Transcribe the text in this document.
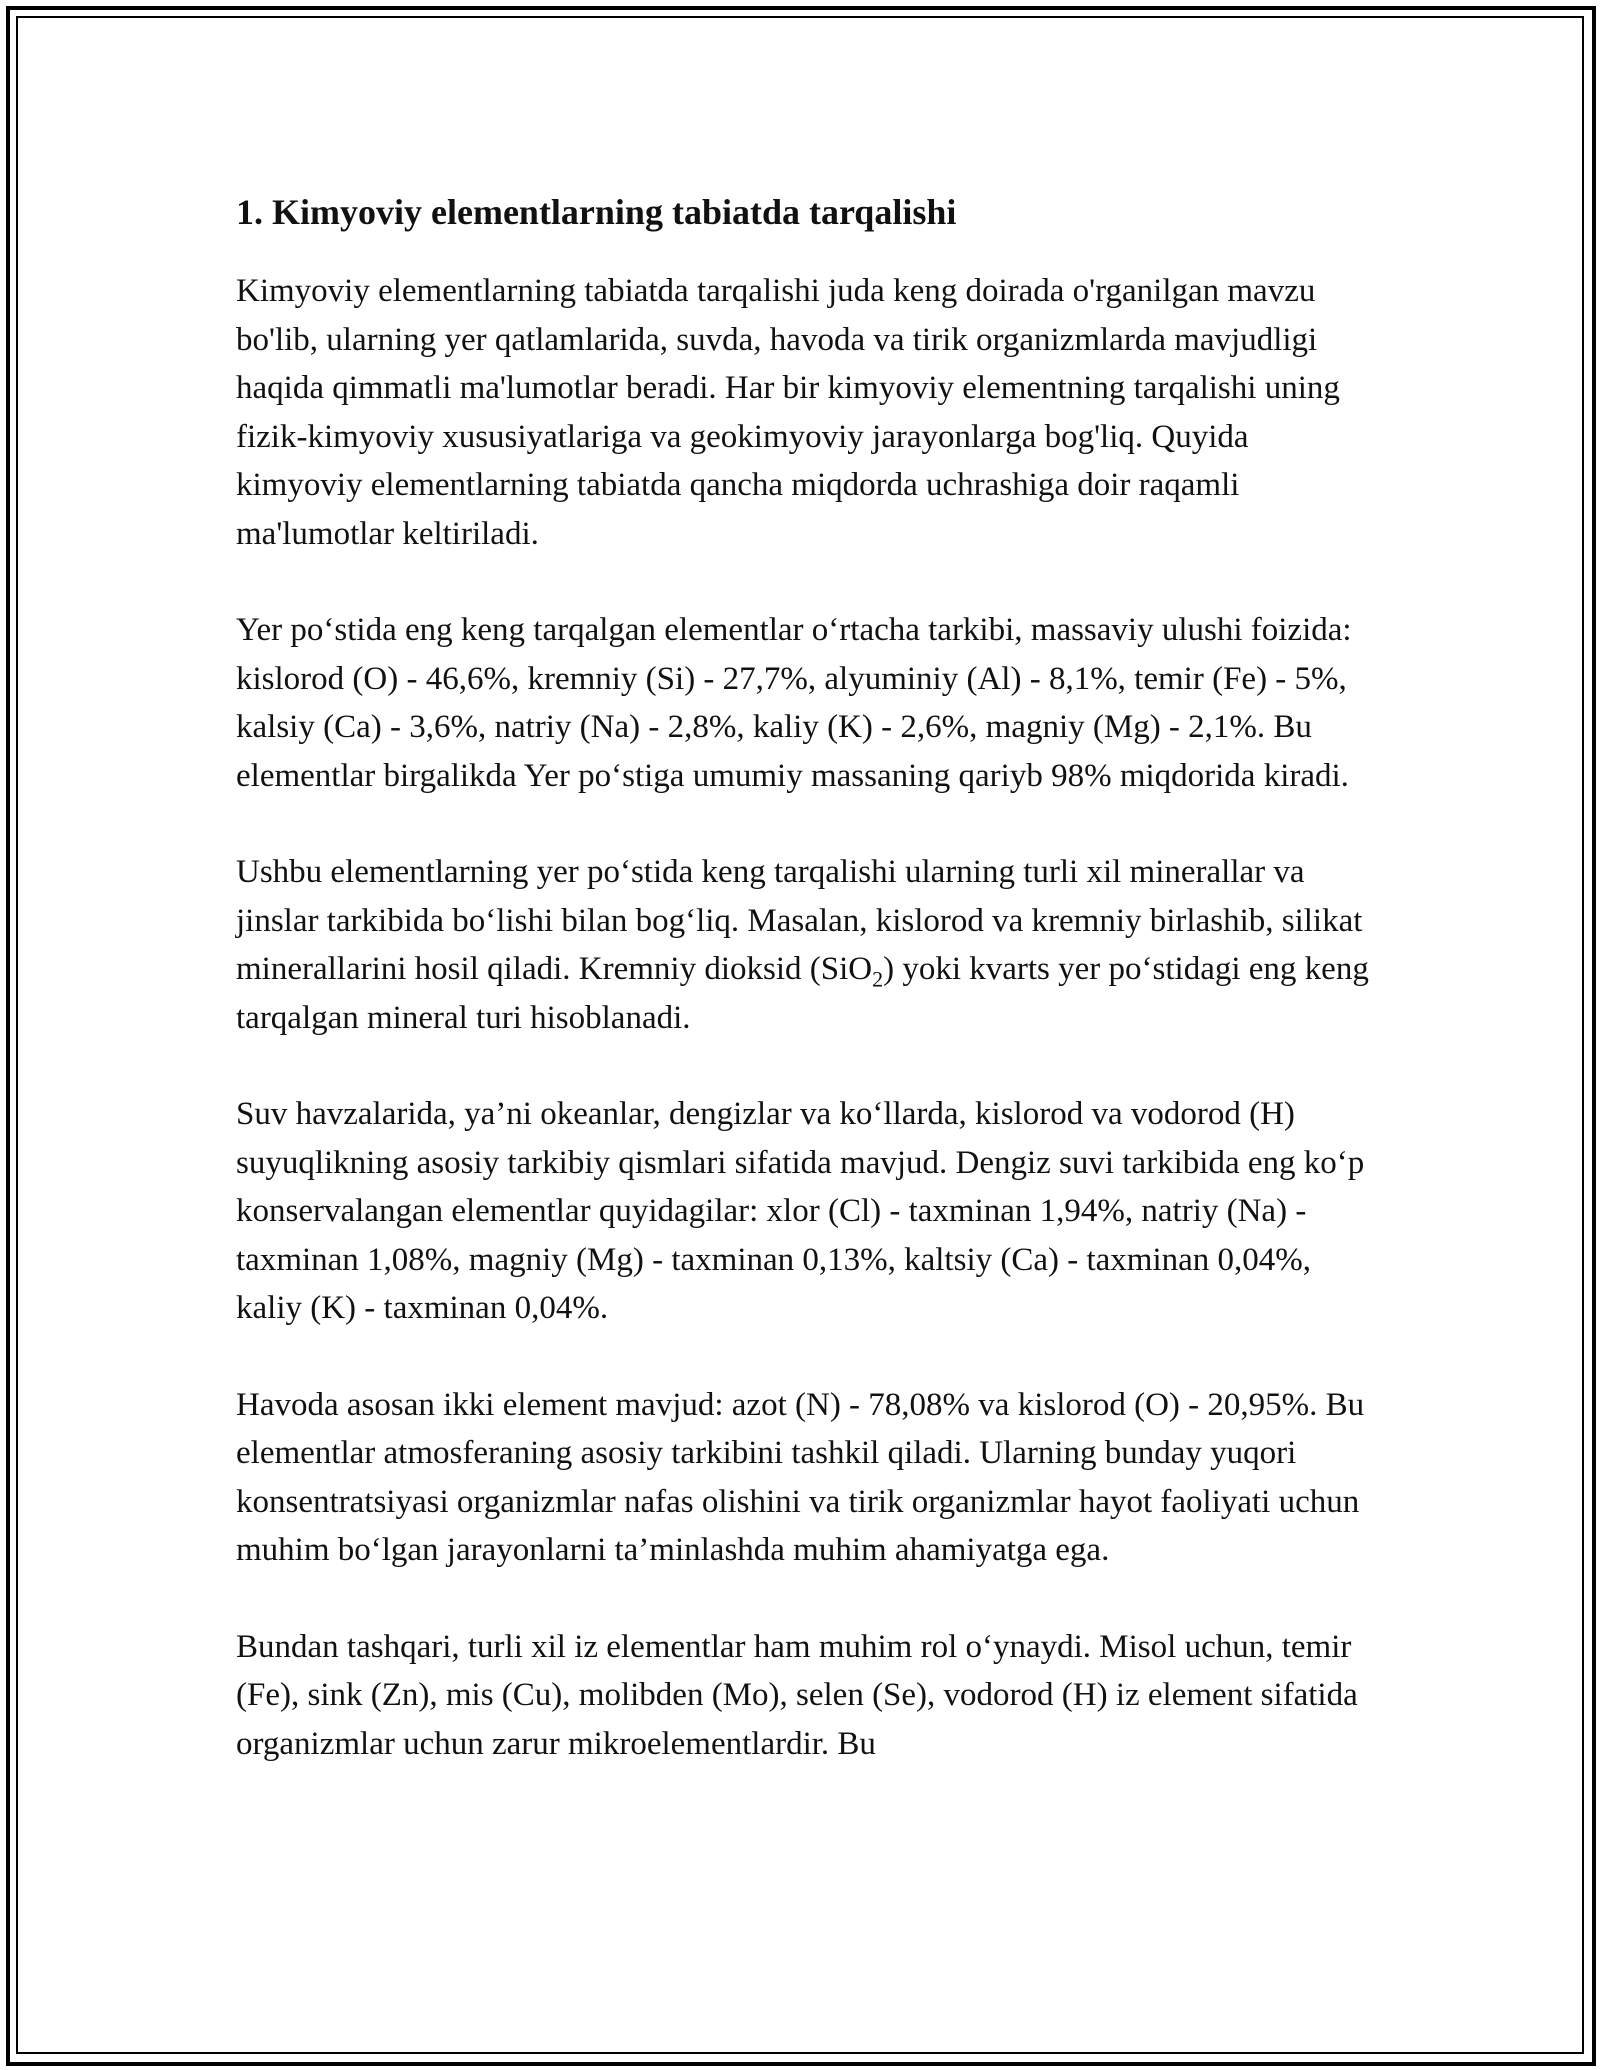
1. Kimyoviy elementlarning tabiatda tarqalishi

Kimyoviy elementlarning tabiatda tarqalishi juda keng doirada o'rganilgan mavzu bo'lib, ularning yer qatlamlarida, suvda, havoda va tirik organizmlarda mavjudligi haqida qimmatli ma'lumotlar beradi. Har bir kimyoviy elementning tarqalishi uning fizik-kimyoviy xususiyatlariga va geokimyoviy jarayonlarga bog'liq. Quyida kimyoviy elementlarning tabiatda qancha miqdorda uchrashiga doir raqamli ma'lumotlar keltiriladi.

Yer po‘stida eng keng tarqalgan elementlar o‘rtacha tarkibi, massaviy ulushi foizida: kislorod (O) - 46,6%, kremniy (Si) - 27,7%, alyuminiy (Al) - 8,1%, temir (Fe) - 5%, kalsiy (Ca) - 3,6%, natriy (Na) - 2,8%, kaliy (K) - 2,6%, magniy (Mg) - 2,1%. Bu elementlar birgalikda Yer po‘stiga umumiy massaning qariyb 98% miqdorida kiradi.

Ushbu elementlarning yer po‘stida keng tarqalishi ularning turli xil minerallar va jinslar tarkibida bo‘lishi bilan bog‘liq. Masalan, kislorod va kremniy birlashib, silikat minerallarini hosil qiladi. Kremniy dioksid (SiO$_2$) yoki kvarts yer po‘stidagi eng keng tarqalgan mineral turi hisoblanadi.

Suv havzalarida, ya’ni okeanlar, dengizlar va ko‘llarda, kislorod va vodorod (H) suyuqlikning asosiy tarkibiy qismlari sifatida mavjud. Dengiz suvi tarkibida eng ko‘p konservalangan elementlar quyidagilar: xlor (Cl) - taxminan 1,94%, natriy (Na) - taxminan 1,08%, magniy (Mg) - taxminan 0,13%, kaltsiy (Ca) - taxminan 0,04%, kaliy (K) - taxminan 0,04%.

Havoda asosan ikki element mavjud: azot (N) - 78,08% va kislorod (O) - 20,95%. Bu elementlar atmosferaning asosiy tarkibini tashkil qiladi. Ularning bunday yuqori konsentratsiyasi organizmlar nafas olishini va tirik organizmlar hayot faoliyati uchun muhim bo‘lgan jarayonlarni ta’minlashda muhim ahamiyatga ega.

Bundan tashqari, turli xil iz elementlar ham muhim rol o‘ynaydi. Misol uchun, temir (Fe), sink (Zn), mis (Cu), molibden (Mo), selen (Se), vodorod (H) iz element sifatida organizmlar uchun zarur mikroelementlardir. Bu
